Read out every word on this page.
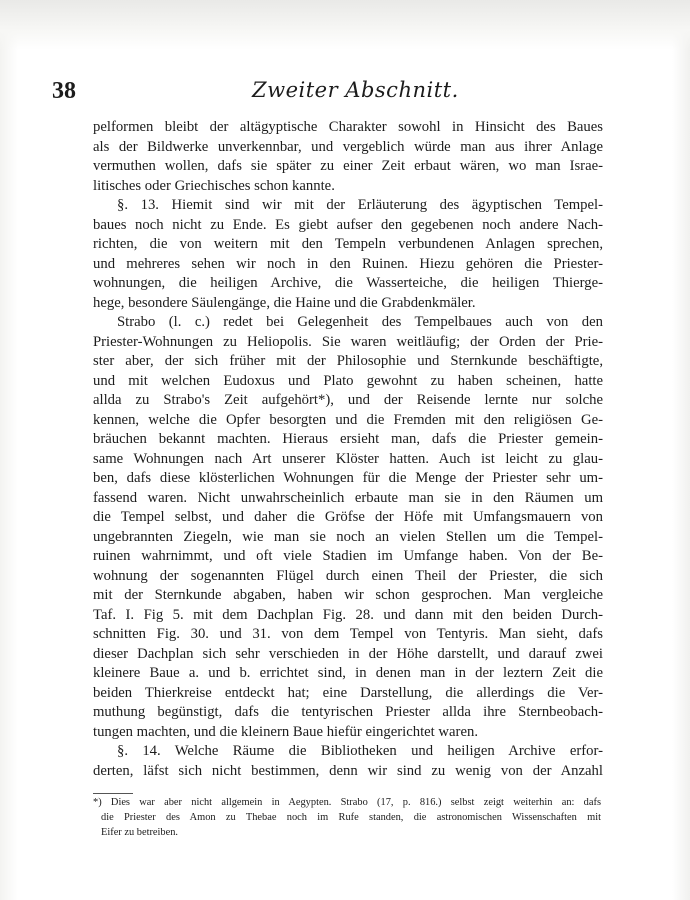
38	Zweiter Abschnitt.
pelformen bleibt der altägyptische Charakter sowohl in Hinsicht des Baues
als der Bildwerke unverkennbar, und vergeblich würde man aus ihrer Anlage
vermuthen wollen, dafs sie später zu einer Zeit erbaut wären, wo man Israe-
litisches oder Griechisches schon kannte.
§. 13. Hiemit sind wir mit der Erläuterung des ägyptischen Tempel-
baues noch nicht zu Ende. Es giebt aufser den gegebenen noch andere Nach-
richten, die von weitern mit den Tempeln verbundenen Anlagen sprechen,
und mehreres sehen wir noch in den Ruinen. Hiezu gehören die Priester-
wohnungen, die heiligen Archive, die Wasserteiche, die heiligen Thierge-
hege, besondere Säulengänge, die Haine und die Grabdenkmäler.
Strabo (l. c.) redet bei Gelegenheit des Tempelbaues auch von den
Priester-Wohnungen zu Heliopolis. Sie waren weitläufig; der Orden der Prie-
ster aber, der sich früher mit der Philosophie und Sternkunde beschäftigte,
und mit welchen Eudoxus und Plato gewohnt zu haben scheinen, hatte
allda zu Strabo's Zeit aufgehört*), und der Reisende lernte nur solche
kennen, welche die Opfer besorgten und die Fremden mit den religiösen Ge-
bräuchen bekannt machten. Hieraus ersieht man, dafs die Priester gemein-
same Wohnungen nach Art unserer Klöster hatten. Auch ist leicht zu glau-
ben, dafs diese klösterlichen Wohnungen für die Menge der Priester sehr um-
fassend waren. Nicht unwahrscheinlich erbaute man sie in den Räumen um
die Tempel selbst, und daher die Gröfse der Höfe mit Umfangsmauern von
ungebrannten Ziegeln, wie man sie noch an vielen Stellen um die Tempel-
ruinen wahrnimmt, und oft viele Stadien im Umfange haben. Von der Be-
wohnung der sogenannten Flügel durch einen Theil der Priester, die sich
mit der Sternkunde abgaben, haben wir schon gesprochen. Man vergleiche
Taf. I. Fig 5. mit dem Dachplan Fig. 28. und dann mit den beiden Durch-
schnitten Fig. 30. und 31. von dem Tempel von Tentyris. Man sieht, dafs
dieser Dachplan sich sehr verschieden in der Höhe darstellt, und darauf zwei
kleinere Baue a. und b. errichtet sind, in denen man in der leztern Zeit die
beiden Thierkreise entdeckt hat; eine Darstellung, die allerdings die Ver-
muthung begünstigt, dafs die tentyrischen Priester allda ihre Sternbeobach-
tungen machten, und die kleinern Baue hiefür eingerichtet waren.
§. 14. Welche Räume die Bibliotheken und heiligen Archive erfor-
derten, läfst sich nicht bestimmen, denn wir sind zu wenig von der Anzahl
*) Dies war aber nicht allgemein in Aegypten. Strabo (17, p. 816.) selbst zeigt weiterhin an: dafs
die Priester des Amon zu Thebae noch im Rufe standen, die astronomischen Wissenschaften mit
Eifer zu betreiben.
